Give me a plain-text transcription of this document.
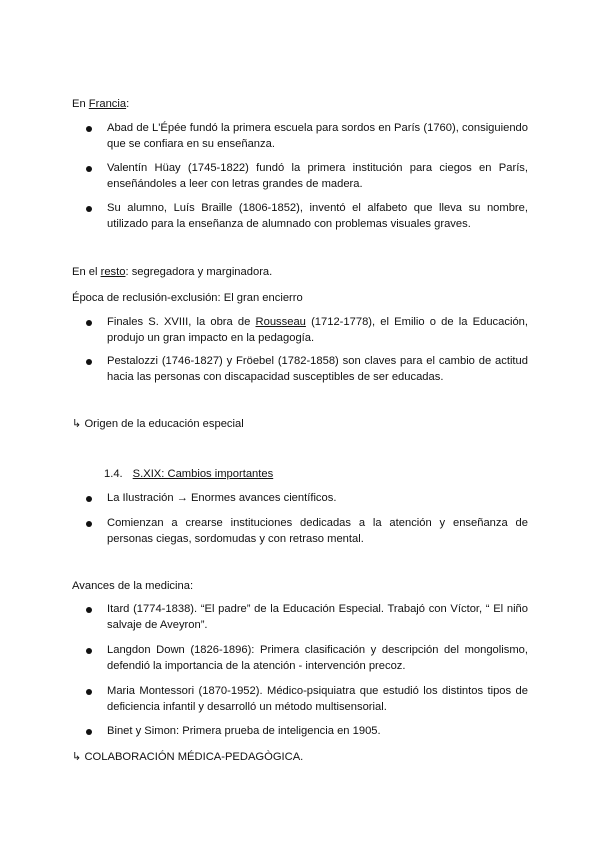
En Francia:
Abad de L'Épée fundó la primera escuela para sordos en París (1760), consiguiendo
que se confiara en su enseñanza.
Valentín Hüay (1745-1822) fundó la primera institución para ciegos en París,
enseñándoles a leer con letras grandes de madera.
Su alumno, Luís Braille (1806-1852), inventó el alfabeto que lleva su nombre,
utilizado para la enseñanza de alumnado con problemas visuales graves.
En el resto: segregadora y marginadora.
Época de reclusión-exclusión: El gran encierro
Finales S. XVIII, la obra de Rousseau (1712-1778), el Emilio o de la Educación,
produjo un gran impacto en la pedagogía.
Pestalozzi (1746-1827) y Fröebel (1782-1858) son claves para el cambio de actitud
hacia las personas con discapacidad susceptibles de ser educadas.
↳ Origen de la educación especial
1.4. S.XIX: Cambios importantes
La Ilustración → Enormes avances científicos.
Comienzan a crearse instituciones dedicadas a la atención y enseñanza de
personas ciegas, sordomudas y con retraso mental.
Avances de la medicina:
Itard (1774-1838). “El padre” de la Educación Especial. Trabajó con Víctor, “ El niño
salvaje de Aveyron”.
Langdon Down (1826-1896): Primera clasificación y descripción del mongolismo,
defendió la importancia de la atención - intervención precoz.
Maria Montessori (1870-1952). Médico-psiquiatra que estudió los distintos tipos de
deficiencia infantil y desarrolló un método multisensorial.
Binet y Simon: Primera prueba de inteligencia en 1905.
↳ COLABORACIÓN MÉDICA-PEDAGÒGICA.
